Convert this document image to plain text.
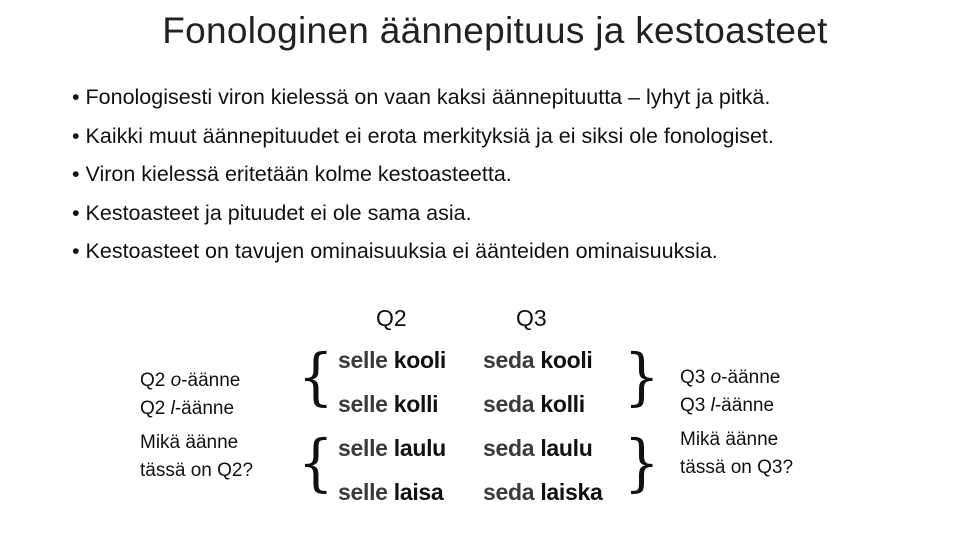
Fonologinen äännepituus ja kestoasteet
• Fonologisesti viron kielessä on vaan kaksi äännepituutta – lyhyt ja pitkä.
• Kaikki muut äännepituudet ei erota merkityksiä ja ei siksi ole fonologiset.
• Viron kielessä eritetään kolme kestoasteetta.
• Kestoasteet ja pituudet ei ole sama asia.
• Kestoasteet on tavujen ominaisuuksia ei äänteiden ominaisuuksia.
Q2	Q3
Q2 o-äänne
Q2 l-äänne
Mikä äänne
tässä on Q2?
Q3 o-äänne
Q3 l-äänne
Mikä äänne
tässä on Q3?
{
{
}
}
selle kooli
selle kolli
selle laulu
selle laisa
seda kooli
seda kolli
seda laulu
seda laiska
